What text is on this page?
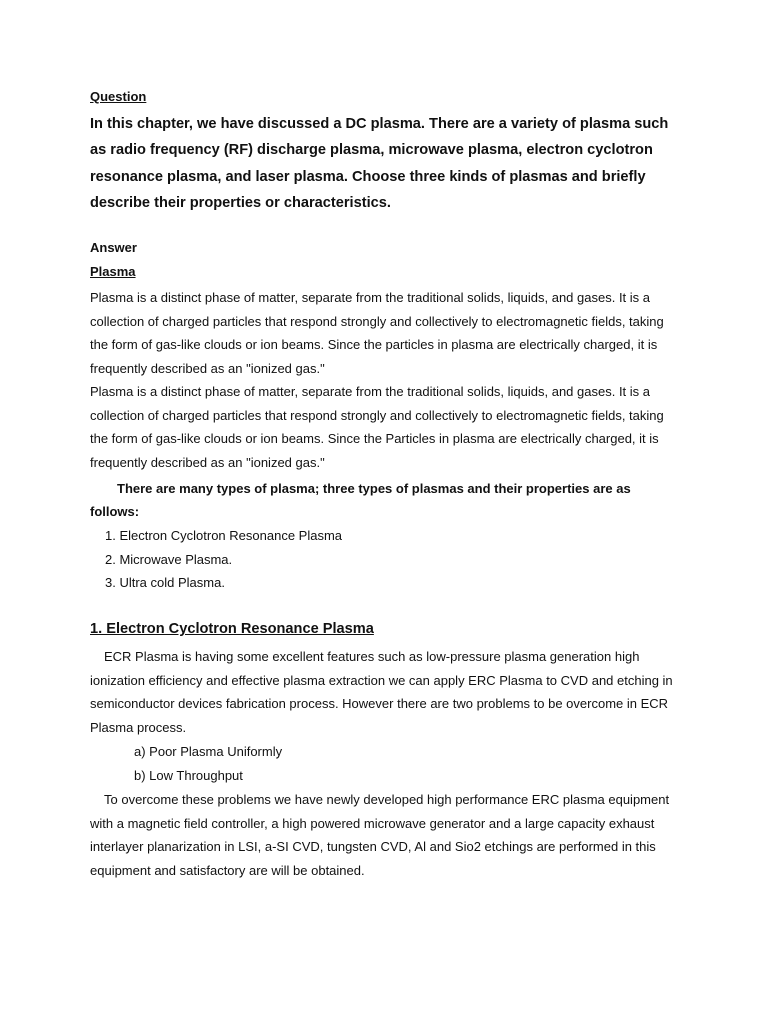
Question
In this chapter, we have discussed a DC plasma. There are a variety of plasma such as radio frequency (RF) discharge plasma, microwave plasma, electron cyclotron resonance plasma, and laser plasma. Choose three kinds of plasmas and briefly describe their properties or characteristics.
Answer
Plasma
Plasma is a distinct phase of matter, separate from the traditional solids, liquids, and gases. It is a collection of charged particles that respond strongly and collectively to electromagnetic fields, taking the form of gas-like clouds or ion beams. Since the particles in plasma are electrically charged, it is frequently described as an "ionized gas."
Plasma is a distinct phase of matter, separate from the traditional solids, liquids, and gases. It is a collection of charged particles that respond strongly and collectively to electromagnetic fields, taking the form of gas-like clouds or ion beams. Since the Particles in plasma are electrically charged, it is frequently described as an "ionized gas."
There are many types of plasma; three types of plasmas and their properties are as follows:
1. Electron Cyclotron Resonance Plasma
2. Microwave Plasma.
3. Ultra cold Plasma.
1. Electron Cyclotron Resonance Plasma
ECR Plasma is having some excellent features such as low-pressure plasma generation high ionization efficiency and effective plasma extraction we can apply ERC Plasma to CVD and etching in semiconductor devices fabrication process. However there are two problems to be overcome in ECR Plasma process.
a) Poor Plasma Uniformly
b) Low Throughput
To overcome these problems we have newly developed high performance ERC plasma equipment with a magnetic field controller, a high powered microwave generator and a large capacity exhaust interlayer planarization in LSI, a-SI CVD, tungsten CVD, Al and Sio2 etchings are performed in this equipment and satisfactory are will be obtained.
